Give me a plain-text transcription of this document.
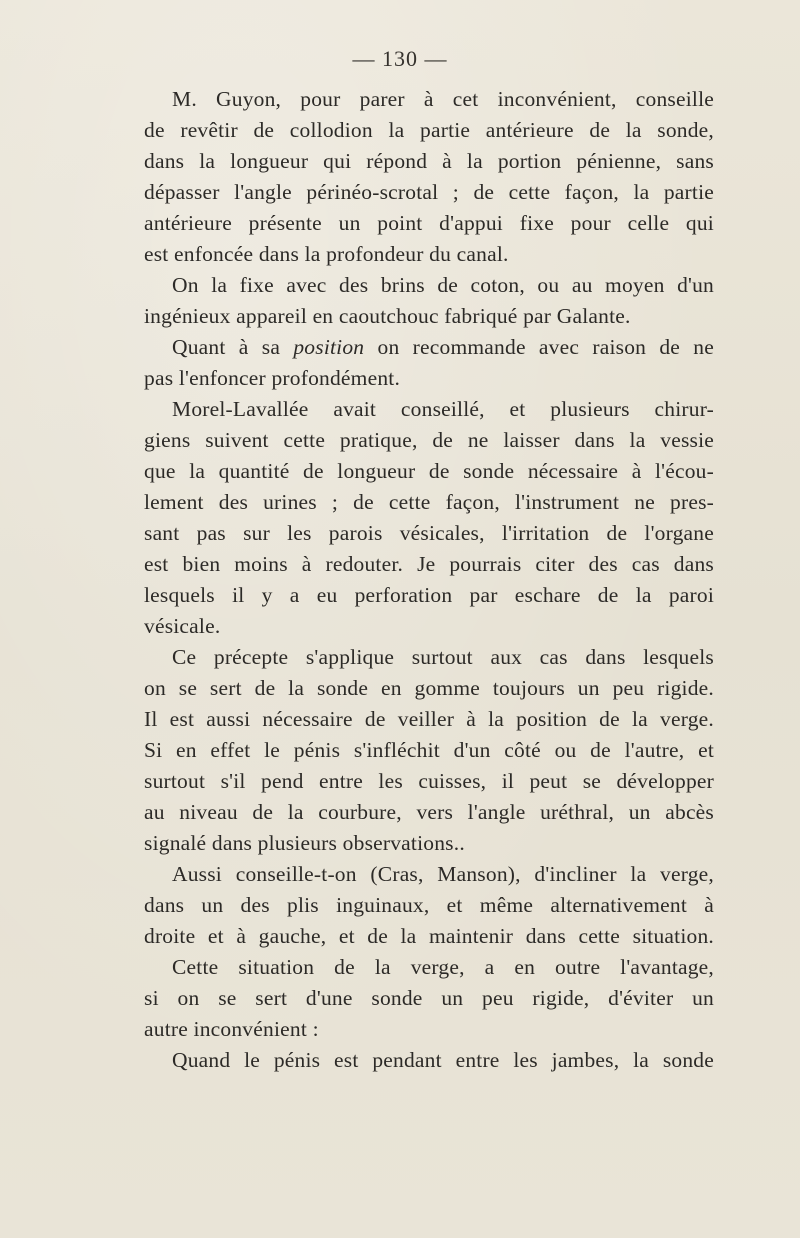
— 130 —
M. Guyon, pour parer à cet inconvénient, conseille
de revêtir de collodion la partie antérieure de la sonde,
dans la longueur qui répond à la portion pénienne, sans
dépasser l'angle périnéo-scrotal ; de cette façon, la partie
antérieure présente un point d'appui fixe pour celle qui
est enfoncée dans la profondeur du canal.
On la fixe avec des brins de coton, ou au moyen d'un
ingénieux appareil en caoutchouc fabriqué par Galante.
Quant à sa position on recommande avec raison de ne
pas l'enfoncer profondément.
Morel-Lavallée avait conseillé, et plusieurs chirur-
giens suivent cette pratique, de ne laisser dans la vessie
que la quantité de longueur de sonde nécessaire à l'écou-
lement des urines ; de cette façon, l'instrument ne pres-
sant pas sur les parois vésicales, l'irritation de l'organe
est bien moins à redouter. Je pourrais citer des cas dans
lesquels il y a eu perforation par eschare de la paroi
vésicale.
Ce précepte s'applique surtout aux cas dans lesquels
on se sert de la sonde en gomme toujours un peu rigide.
Il est aussi nécessaire de veiller à la position de la verge.
Si en effet le pénis s'infléchit d'un côté ou de l'autre, et
surtout s'il pend entre les cuisses, il peut se développer
au niveau de la courbure, vers l'angle uréthral, un abcès
signalé dans plusieurs observations..
Aussi conseille-t-on (Cras, Manson), d'incliner la verge,
dans un des plis inguinaux, et même alternativement à
droite et à gauche, et de la maintenir dans cette situation.
Cette situation de la verge, a en outre l'avantage,
si on se sert d'une sonde un peu rigide, d'éviter un
autre inconvénient :
Quand le pénis est pendant entre les jambes, la sonde
